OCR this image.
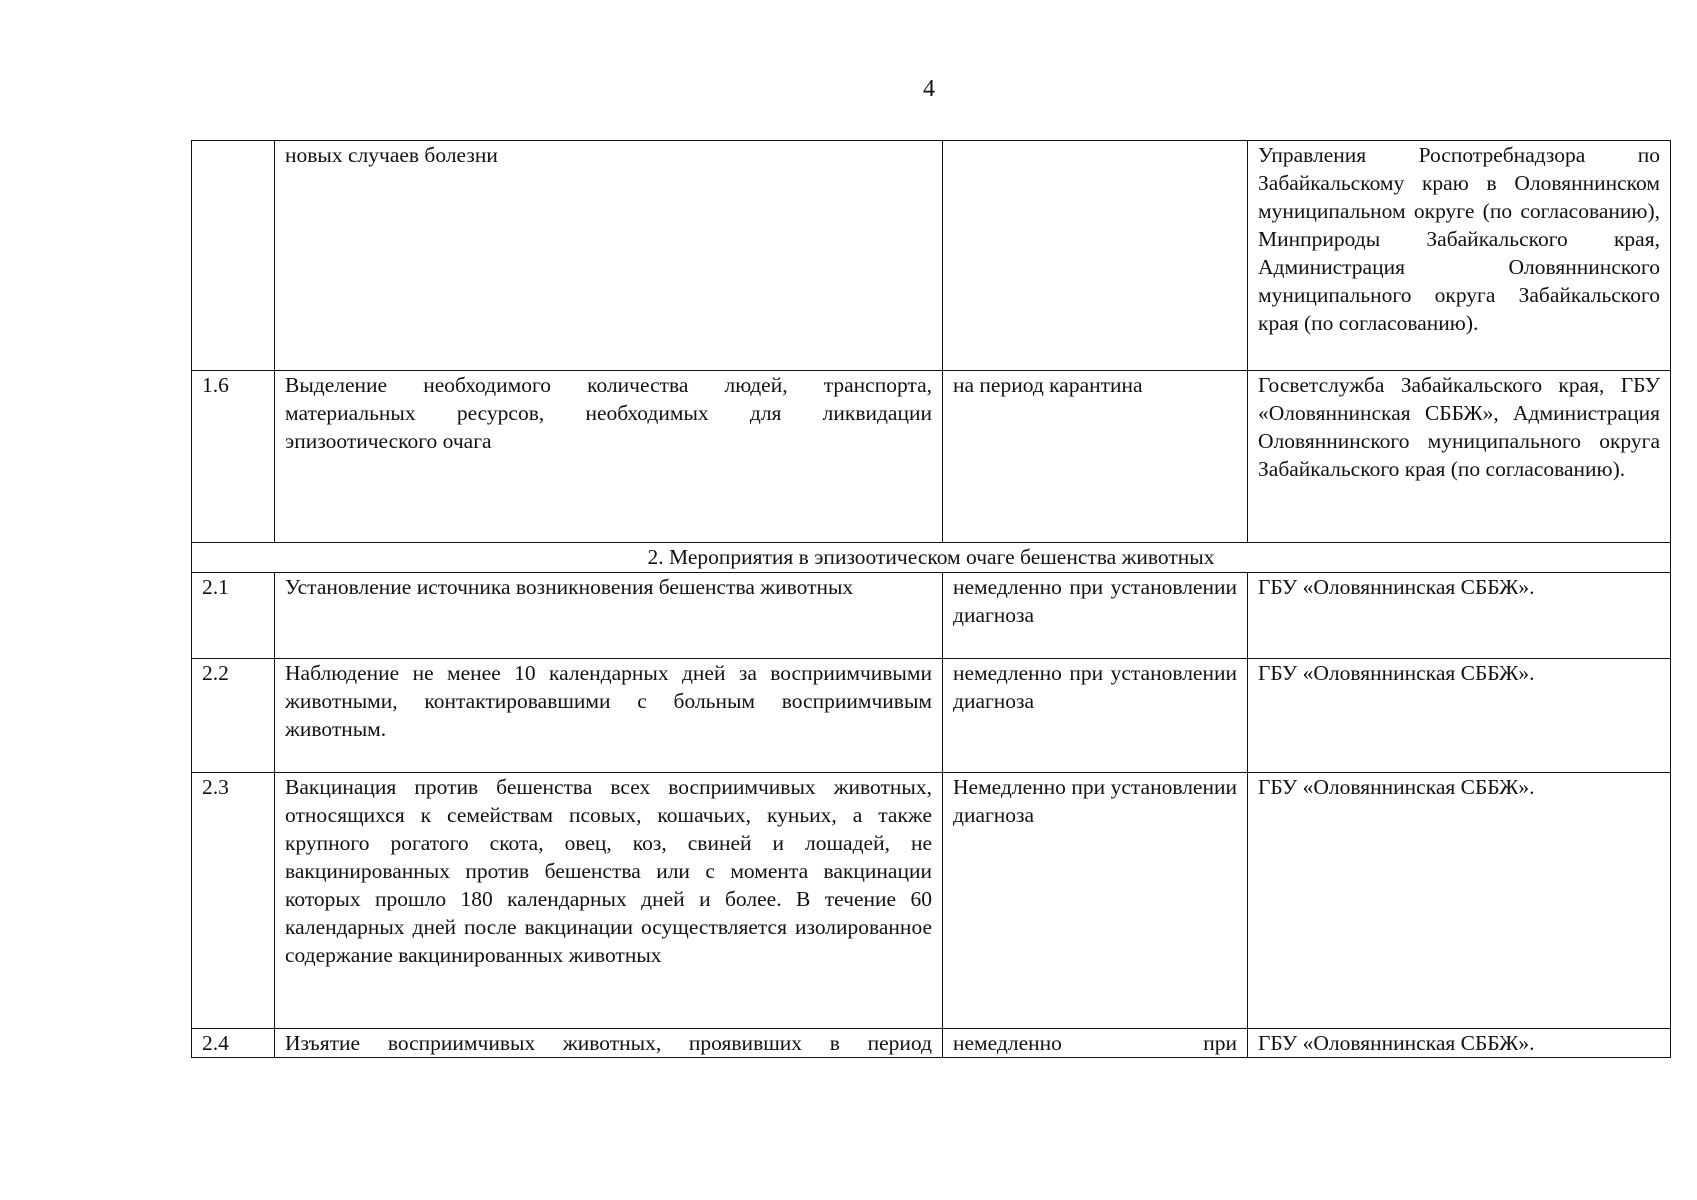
4
	новых случаев болезни		Управления Роспотребнадзора по Забайкальскому краю в Оловяннинском муниципальном округе (по согласованию), Минприроды Забайкальского края, Администрация Оловяннинского муниципального округа Забайкальского края (по согласованию).
1.6	Выделение необходимого количества людей, транспорта, материальных ресурсов, необходимых для ликвидации эпизоотического очага	на период карантина	Госветслужба Забайкальского края, ГБУ «Оловяннинская СББЖ», Администрация Оловяннинского муниципального округа Забайкальского края (по согласованию).
2. Мероприятия в эпизоотическом очаге бешенства животных			
2.1	Установление источника возникновения бешенства животных	немедленно при установлении диагноза	ГБУ «Оловяннинская СББЖ».
2.2	Наблюдение не менее 10 календарных дней за восприимчивыми животными, контактировавшими с больным восприимчивым животным.	немедленно при установлении диагноза	ГБУ «Оловяннинская СББЖ».
2.3	Вакцинация против бешенства всех восприимчивых животных, относящихся к семействам псовых, кошачьих, куньих, а также крупного рогатого скота, овец, коз, свиней и лошадей, не вакцинированных против бешенства или с момента вакцинации которых прошло 180 календарных дней и более. В течение 60 календарных дней после вакцинации осуществляется изолированное содержание вакцинированных животных	Немедленно при установлении диагноза	ГБУ «Оловяннинская СББЖ».
2.4	Изъятие восприимчивых животных, проявивших в период	немедленно при	ГБУ «Оловяннинская СББЖ».
